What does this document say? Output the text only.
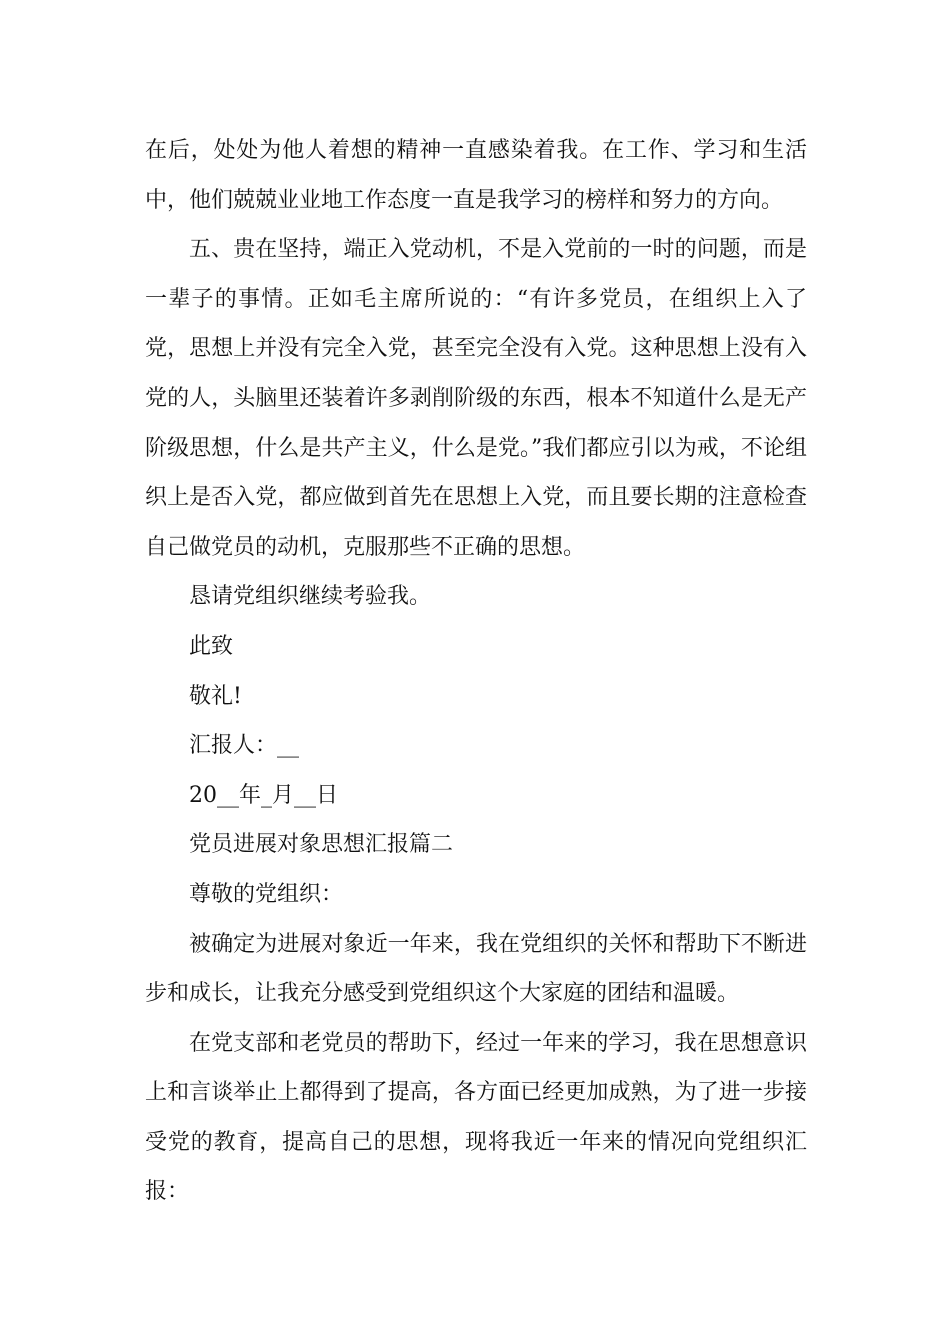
在后，处处为他人着想的精神一直感染着我。在工作、学习和生活中，他们兢兢业业地工作态度一直是我学习的榜样和努力的方向。

五、贵在坚持，端正入党动机，不是入党前的一时的问题，而是一辈子的事情。正如毛主席所说的：“有许多党员，在组织上入了党，思想上并没有完全入党，甚至完全没有入党。这种思想上没有入党的人，头脑里还装着许多剥削阶级的东西，根本不知道什么是无产阶级思想，什么是共产主义，什么是党。”我们都应引以为戒，不论组织上是否入党，都应做到首先在思想上入党，而且要长期的注意检查自己做党员的动机，克服那些不正确的思想。

恳请党组织继续考验我。

此致

敬礼!

汇报人：__

20__年_月__日

党员进展对象思想汇报篇二

尊敬的党组织：

被确定为进展对象近一年来，我在党组织的关怀和帮助下不断进步和成长，让我充分感受到党组织这个大家庭的团结和温暖。

在党支部和老党员的帮助下，经过一年来的学习，我在思想意识上和言谈举止上都得到了提高，各方面已经更加成熟，为了进一步接受党的教育，提高自己的思想，现将我近一年来的情况向党组织汇报：
